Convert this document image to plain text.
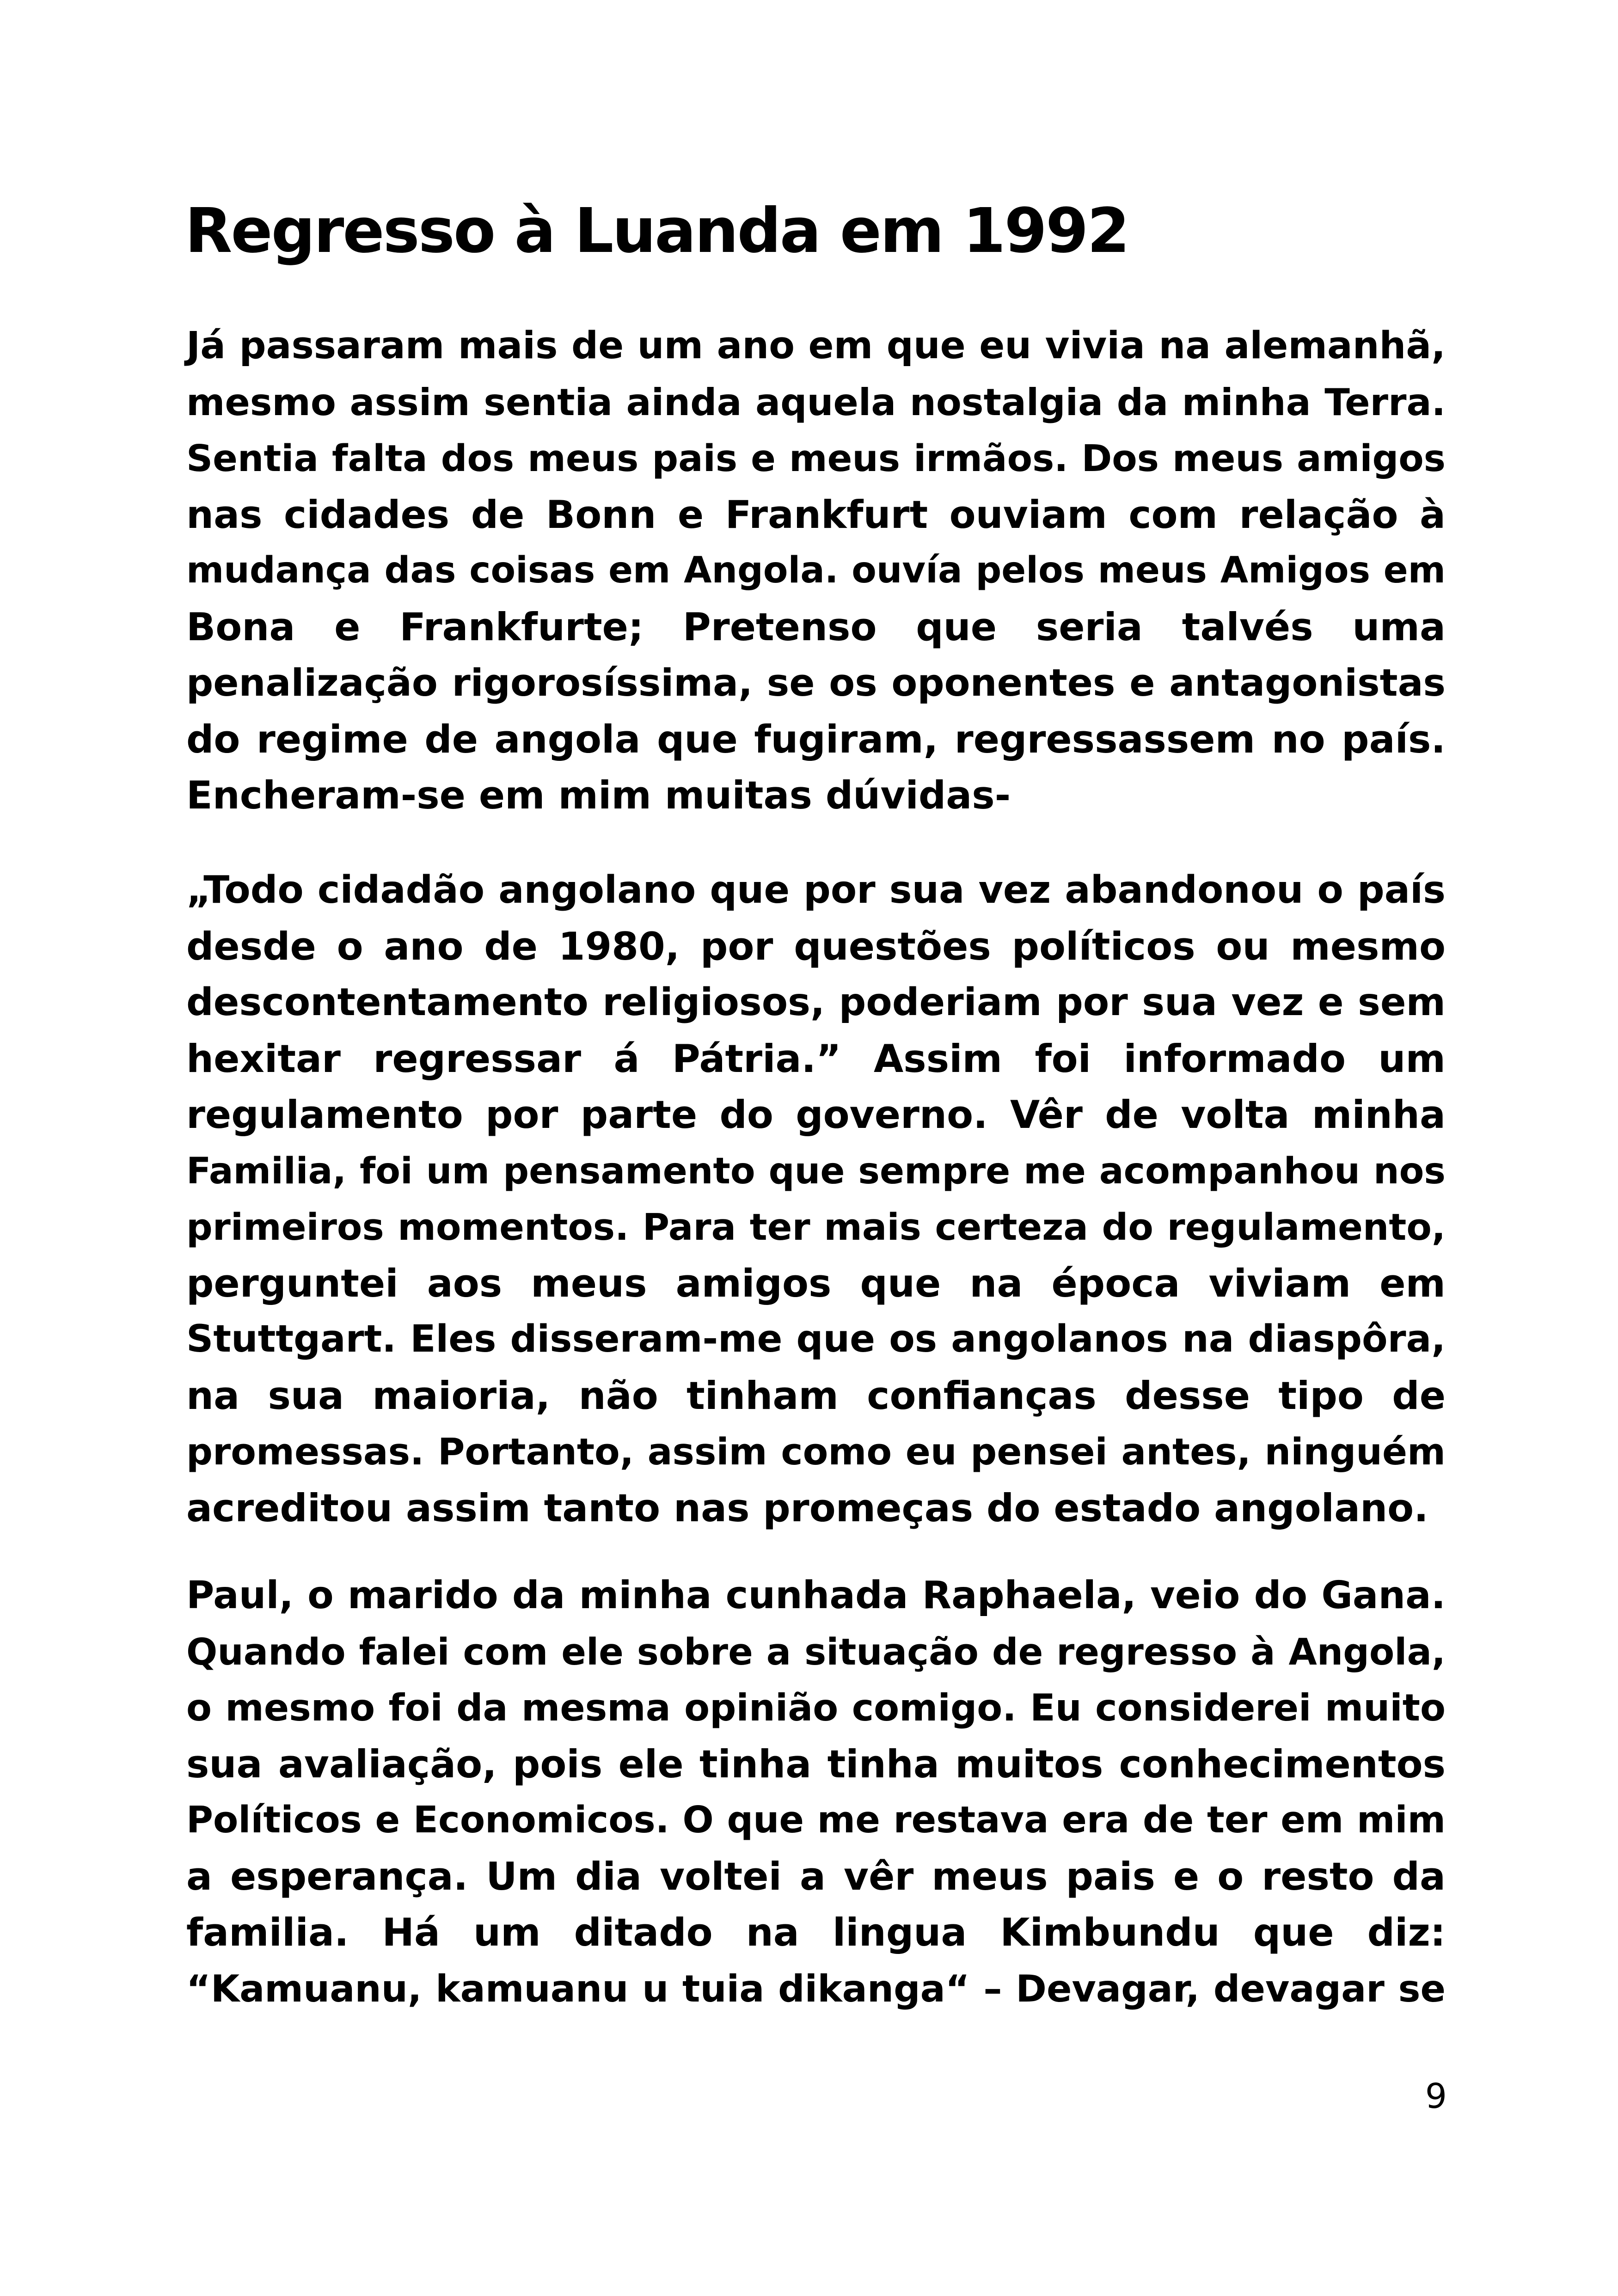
Regresso à Luanda em 1992
Já passaram mais de um ano em que eu vivia na alemanhã,
mesmo assim sentia ainda aquela nostalgia da minha Terra.
Sentia falta dos meus pais e meus irmãos. Dos meus amigos
nas cidades de Bonn e Frankfurt ouviam com relação à
mudança das coisas em Angola. ouvía pelos meus Amigos em
Bona e Frankfurte; Pretenso que seria talvés uma
penalização rigorosíssima, se os oponentes e antagonistas
do regime de angola que fugiram, regressassem no país.
Encheram-se em mim muitas dúvidas-
„Todo cidadão angolano que por sua vez abandonou o país
desde o ano de 1980, por questões políticos ou mesmo
descontentamento religiosos, poderiam por sua vez e sem
hexitar regressar á Pátria.” Assim foi informado um
regulamento por parte do governo. Vêr de volta minha
Familia, foi um pensamento que sempre me acompanhou nos
primeiros momentos. Para ter mais certeza do regulamento,
perguntei aos meus amigos que na época viviam em
Stuttgart. Eles disseram-me que os angolanos na diaspôra,
na sua maioria, não tinham confianças desse tipo de
promessas. Portanto, assim como eu pensei antes, ninguém
acreditou assim tanto nas promeças do estado angolano.
Paul, o marido da minha cunhada Raphaela, veio do Gana.
Quando falei com ele sobre a situação de regresso à Angola,
o mesmo foi da mesma opinião comigo. Eu considerei muito
sua avaliação, pois ele tinha tinha muitos conhecimentos
Políticos e Economicos. O que me restava era de ter em mim
a esperança. Um dia voltei a vêr meus pais e o resto da
familia. Há um ditado na lingua Kimbundu que diz:
“Kamuanu, kamuanu u tuia dikanga“ – Devagar, devagar se
9
